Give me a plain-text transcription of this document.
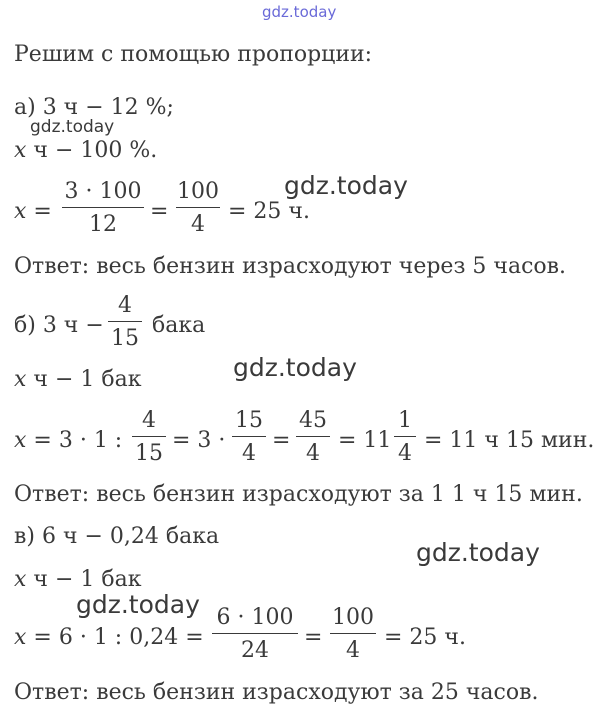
gdz.today
gdz.today
gdz.today
gdz.today
gdz.today
gdz.today
Решим с помощью пропорции:
а) 3 ч − 12 %;
x ч − 100 %.
x =
3 · 100
12
=
100
4
= 25 ч.
Ответ: весь бензин израсходуют через 5 часов.
б) 3 ч −
4
15
бака
x ч − 1 бак
x = 3 · 1 :
4
15
= 3 ·
15
4
=
45
4
= 11
1
4
= 11 ч 15 мин.
Ответ: весь бензин израсходуют за 1 1 ч 15 мин.
в) 6 ч − 0,24 бака
x ч − 1 бак
x = 6 · 1 : 0,24 =
6 · 100
24
=
100
4
= 25 ч.
Ответ: весь бензин израсходуют за 25 часов.
